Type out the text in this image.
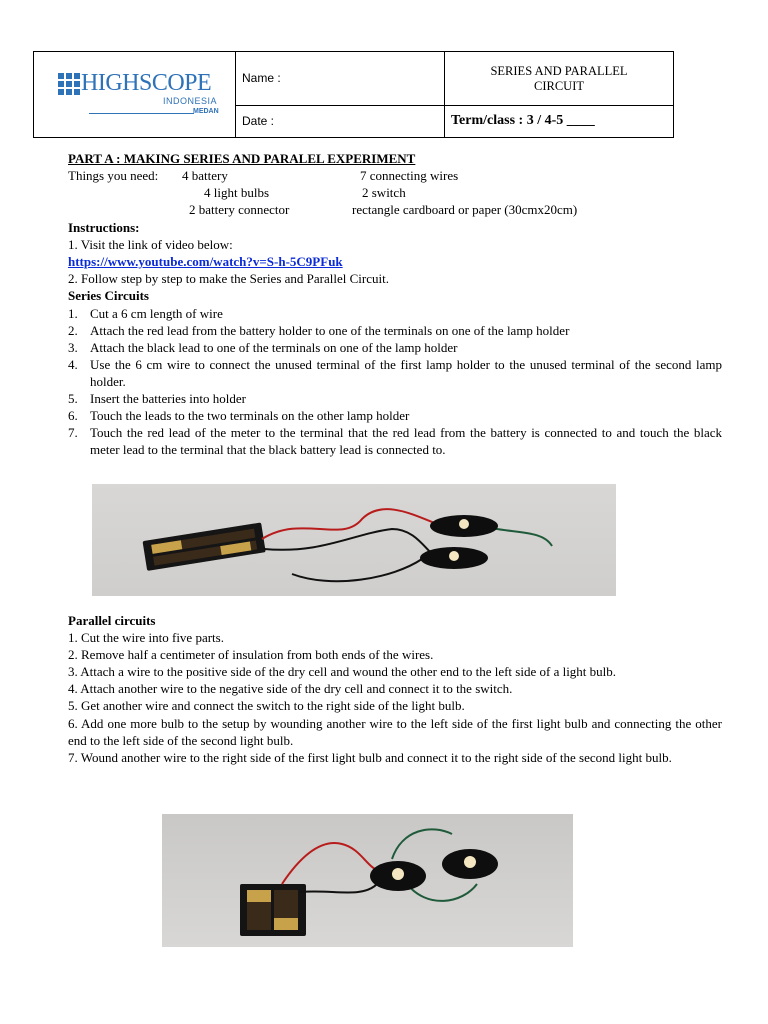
HIGHSCOPE
INDONESIA
MEDAN	Name :	SERIES AND PARALLEL CIRCUIT

	Date :	Term/class : 3 / 4-5 ____
PART A : MAKING SERIES AND PARALEL EXPERIMENT
Things you need: 4 battery	7 connecting wires
4 light bulbs	2 switch
2 battery connector	rectangle cardboard or paper (30cmx20cm)
Instructions:
1. Visit the link of video below:
https://www.youtube.com/watch?v=S-h-5C9PFuk
2. Follow step by step to make the Series and Parallel Circuit.
Series Circuits
1. Cut a 6 cm length of wire
2. Attach the red lead from the battery holder to one of the terminals on one of the lamp holder
3. Attach the black lead to one of the terminals on one of the lamp holder
4. Use the 6 cm wire to connect the unused terminal of the first lamp holder to the unused terminal of the second lamp holder.
5. Insert the batteries into holder
6. Touch the leads to the two terminals on the other lamp holder
7. Touch the red lead of the meter to the terminal that the red lead from the battery is connected to and touch the black meter lead to the terminal that the black battery lead is connected to.
Parallel circuits
1. Cut the wire into five parts.
2. Remove half a centimeter of insulation from both ends of the wires.
3. Attach a wire to the positive side of the dry cell and wound the other end to the left side of a light bulb.
4. Attach another wire to the negative side of the dry cell and connect it to the switch.
5. Get another wire and connect the switch to the right side of the light bulb.
6. Add one more bulb to the setup by wounding another wire to the left side of the first light bulb and connecting the other end to the left side of the second light bulb.
7. Wound another wire to the right side of the first light bulb and connect it to the right side of the second light bulb.
